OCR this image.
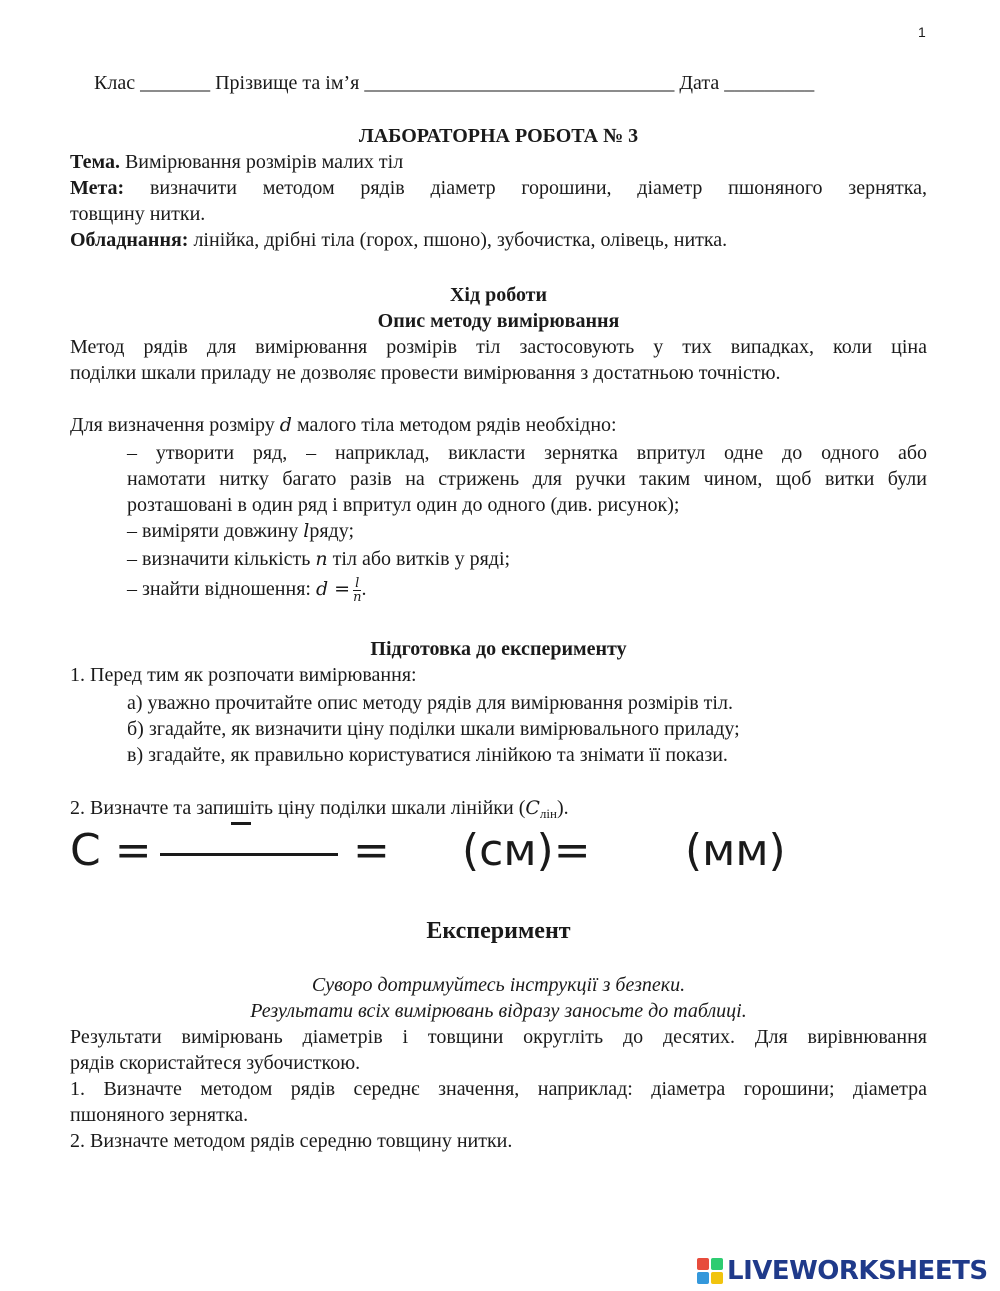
1
Клас _______ Прізвище та ім’я _______________________________ Дата _________
ЛАБОРАТОРНА РОБОТА № 3
Тема. Вимірювання розмірів малих тіл
Мета: визначити методом рядів діаметр горошини, діаметр пшоняного зернятка,
товщину нитки.
Обладнання: лінійка, дрібні тіла (горох, пшоно), зубочистка, олівець, нитка.
Хід роботи
Опис методу вимірювання
Метод рядів для вимірювання розмірів тіл застосовують у тих випадках, коли ціна
поділки шкали приладу не дозволяє провести вимірювання з достатньою точністю.
Для визначення розміру 𝑑 малого тіла методом рядів необхідно:
– утворити ряд, – наприклад, викласти зернятка впритул одне до одного або
намотати нитку багато разів на стрижень для ручки таким чином, щоб витки були
розташовані в один ряд і впритул один до одного (див. рисунок);
– виміряти довжину 𝑙ряду;
– визначити кількість 𝑛 тіл або витків у ряді;
– знайти відношення: 𝑑 = $\frac{\text{𝑙}}{\text{𝑛}}$ .
Підготовка до експерименту
1. Перед тим як розпочати вимірювання:
а) уважно прочитайте опис методу рядів для вимірювання розмірів тіл.
б) згадайте, як визначити ціну поділки шкали вимірювального приладу;
в) згадайте, як правильно користуватися лінійкою та знімати її покази.
2. Визначте та запишіть ціну поділки шкали лінійки (𝐶$_{лін}$).
С =	= (см)= (мм)
Експеримент
Суворо дотримуйтесь інструкції з безпеки.
Результати всіх вимірювань відразу заносьте до таблиці.
Результати вимірювань діаметрів і товщини округліть до десятих. Для вирівнювання
рядів скористайтеся зубочисткою.
1. Визначте методом рядів середнє значення, наприклад: діаметра горошини; діаметра
пшоняного зернятка.
2. Визначте методом рядів середню товщину нитки.
LIVEWORKSHEETS
